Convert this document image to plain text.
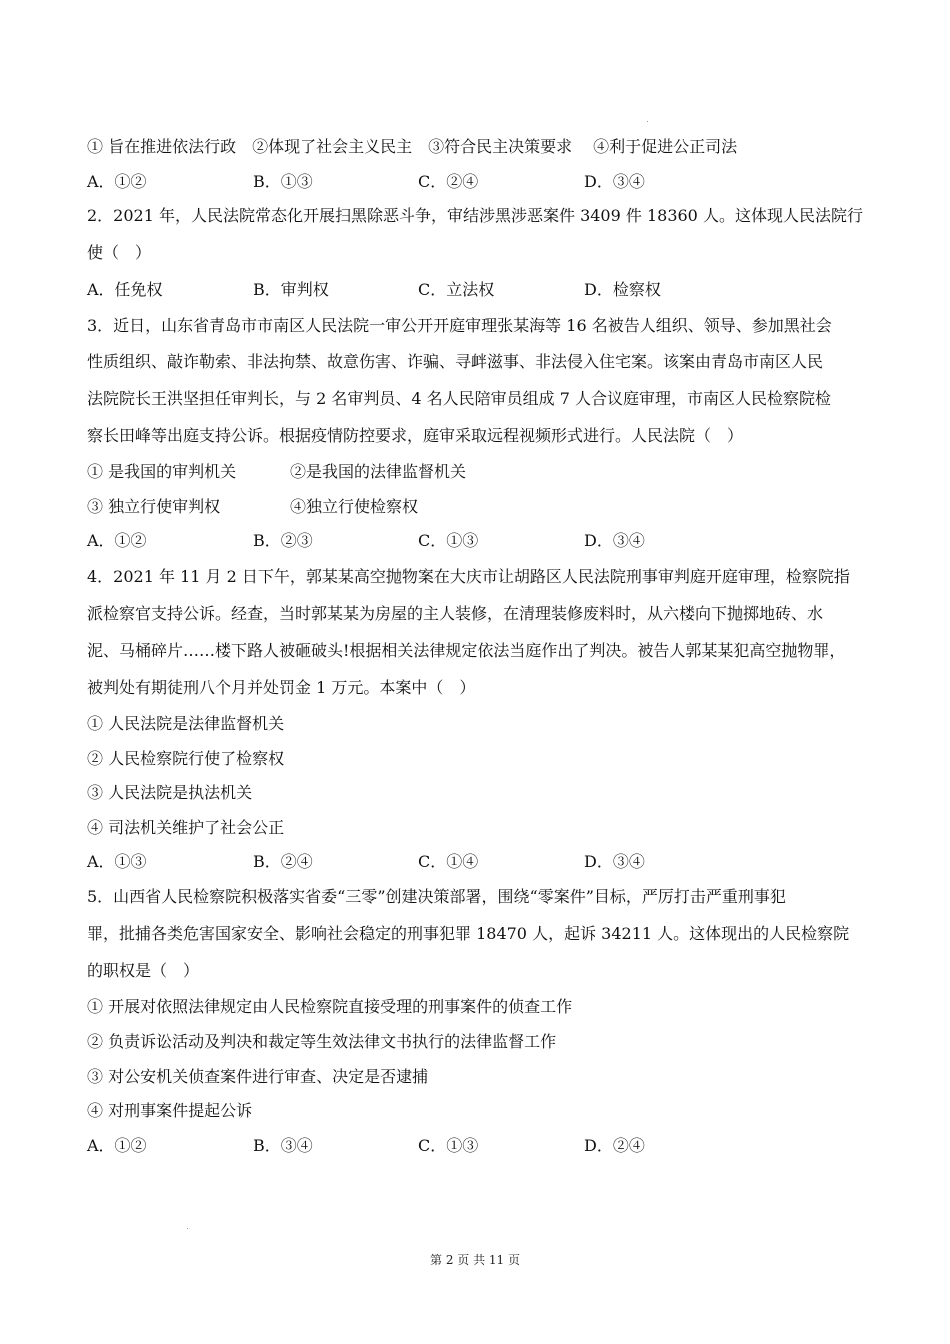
① 旨在推进依法行政　②体现了社会主义民主　③符合民主决策要求　 ④利于促进公正司法
A．①②	B．①③	C．②④	D．③④
2．2021 年，人民法院常态化开展扫黑除恶斗争，审结涉黑涉恶案件 3409 件 18360 人。这体现人民法院行
使（　）
A．任免权	B．审判权	C．立法权	D．检察权
3．近日，山东省青岛市市南区人民法院一审公开开庭审理张某海等 16 名被告人组织、领导、参加黑社会
性质组织、敲诈勒索、非法拘禁、故意伤害、诈骗、寻衅滋事、非法侵入住宅案。该案由青岛市南区人民
法院院长王洪坚担任审判长，与 2 名审判员、4 名人民陪审员组成 7 人合议庭审理，市南区人民检察院检
察长田峰等出庭支持公诉。根据疫情防控要求，庭审采取远程视频形式进行。人民法院（　）
① 是我国的审判机关	②是我国的法律监督机关
③ 独立行使审判权	④独立行使检察权
A．①②	B．②③	C．①③	D．③④
4．2021 年 11 月 2 日下午，郭某某高空抛物案在大庆市让胡路区人民法院刑事审判庭开庭审理，检察院指
派检察官支持公诉。经查，当时郭某某为房屋的主人装修，在清理装修废料时，从六楼向下抛掷地砖、水
泥、马桶碎片……楼下路人被砸破头!根据相关法律规定依法当庭作出了判决。被告人郭某某犯高空抛物罪，
被判处有期徒刑八个月并处罚金 1 万元。本案中（　）
① 人民法院是法律监督机关
② 人民检察院行使了检察权
③ 人民法院是执法机关
④ 司法机关维护了社会公正
A．①③	B．②④	C．①④	D．③④
5．山西省人民检察院积极落实省委“三零”创建决策部署，围绕“零案件”目标，严厉打击严重刑事犯
罪，批捕各类危害国家安全、影响社会稳定的刑事犯罪 18470 人，起诉 34211 人。这体现出的人民检察院
的职权是（　）
① 开展对依照法律规定由人民检察院直接受理的刑事案件的侦查工作
② 负责诉讼活动及判决和裁定等生效法律文书执行的法律监督工作
③ 对公安机关侦查案件进行审查、决定是否逮捕
④ 对刑事案件提起公诉
A．①②	B．③④	C．①③	D．②④
第 2 页 共 11 页
